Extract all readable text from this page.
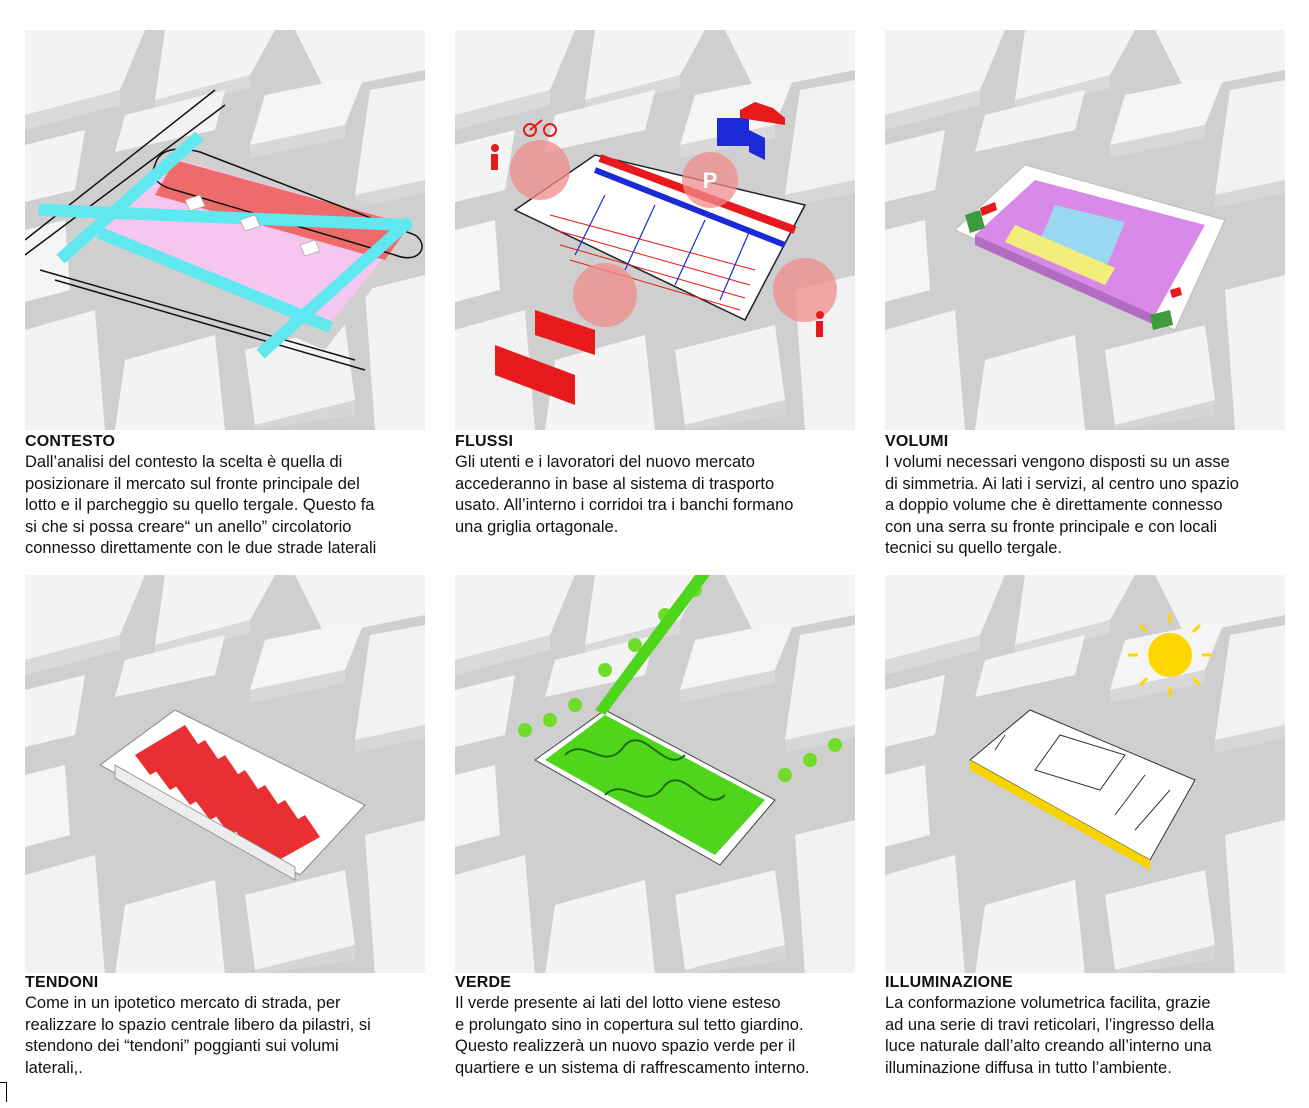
CONTESTO

Dall’analisi del contesto la scelta è quella di
posizionare il mercato sul fronte principale del
lotto e il parcheggio su quello tergale. Questo fa
si che si possa creare“ un anello” circolatorio
connesso direttamente con le due strade laterali

P
FLUSSI

Gli utenti e i lavoratori del nuovo mercato
accederanno in base al sistema di trasporto
usato. All’interno i corridoi tra i banchi formano
una griglia ortagonale.

VOLUMI

I volumi necessari vengono disposti su un asse
di simmetria. Ai lati i servizi, al centro uno spazio
a doppio volume che è direttamente connesso
con una serra su fronte principale e con locali
tecnici su quello tergale.

TENDONI

Come in un ipotetico mercato di strada, per
realizzare lo spazio centrale libero da pilastri, si
stendono dei “tendoni” poggianti sui volumi
laterali,.

VERDE

Il verde presente ai lati del lotto viene esteso
e prolungato sino in copertura sul tetto giardino.
Questo realizzerà un nuovo spazio verde per il
quartiere e un sistema di raffrescamento interno.

ILLUMINAZIONE

La conformazione volumetrica facilita, grazie
ad una serie di travi reticolari, l’ingresso della
luce naturale dall’alto creando all’interno una
illuminazione diffusa in tutto l’ambiente.
